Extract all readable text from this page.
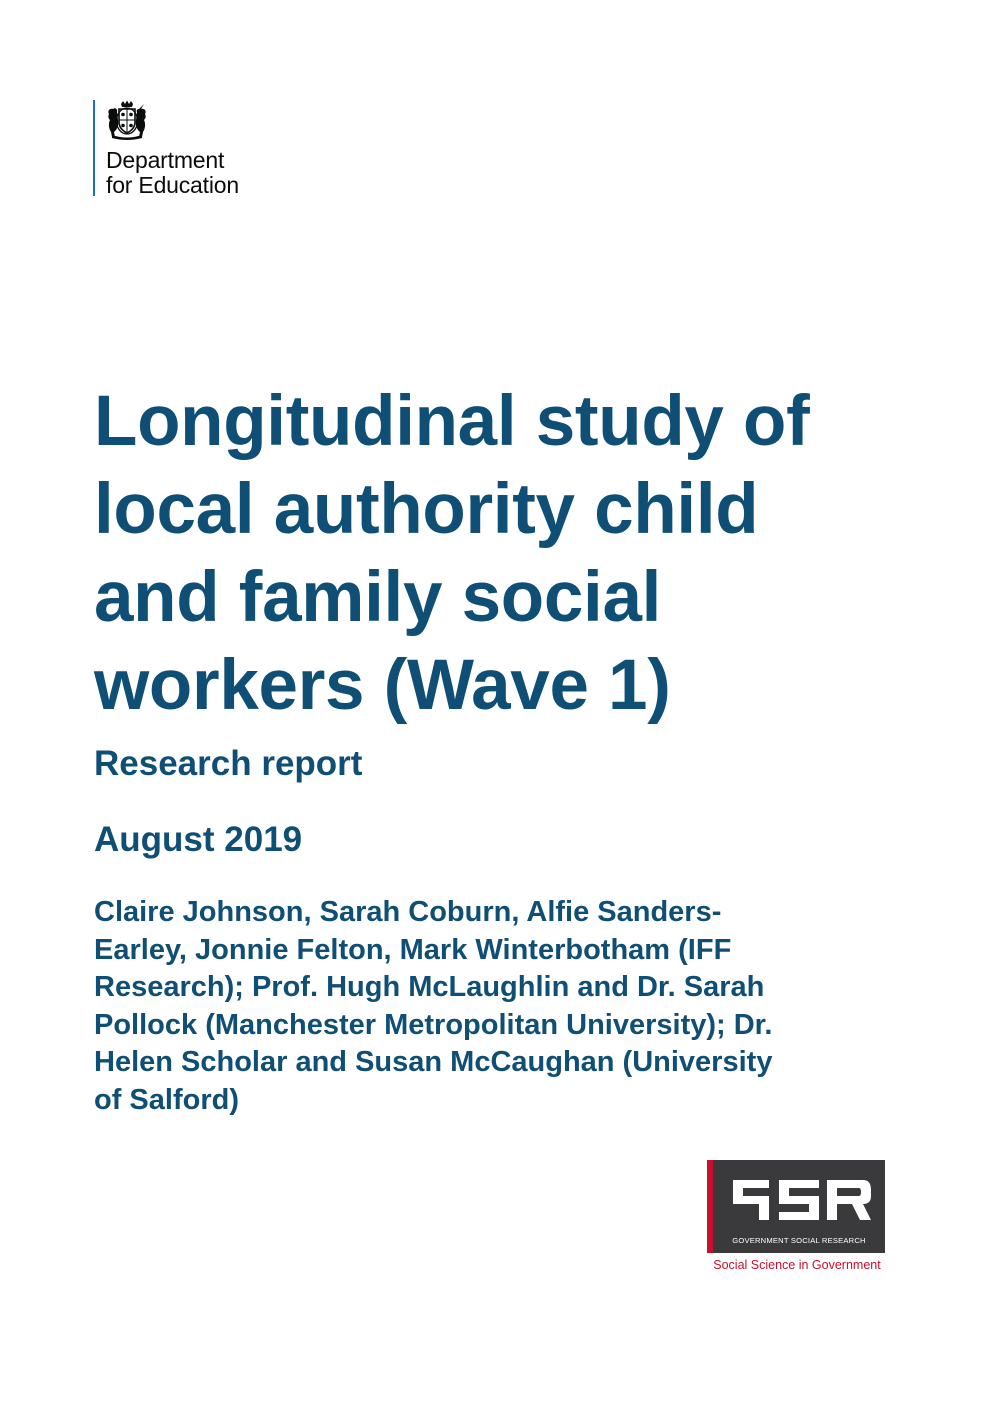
Department
for Education
Longitudinal study of
local authority child
and family social
workers (Wave 1)
Research report
August 2019
Claire Johnson, Sarah Coburn, Alfie Sanders-
Earley, Jonnie Felton, Mark Winterbotham (IFF
Research); Prof. Hugh McLaughlin and Dr. Sarah
Pollock (Manchester Metropolitan University); Dr.
Helen Scholar and Susan McCaughan (University
of Salford)
GOVERNMENT SOCIAL RESEARCH
Social Science in Government
